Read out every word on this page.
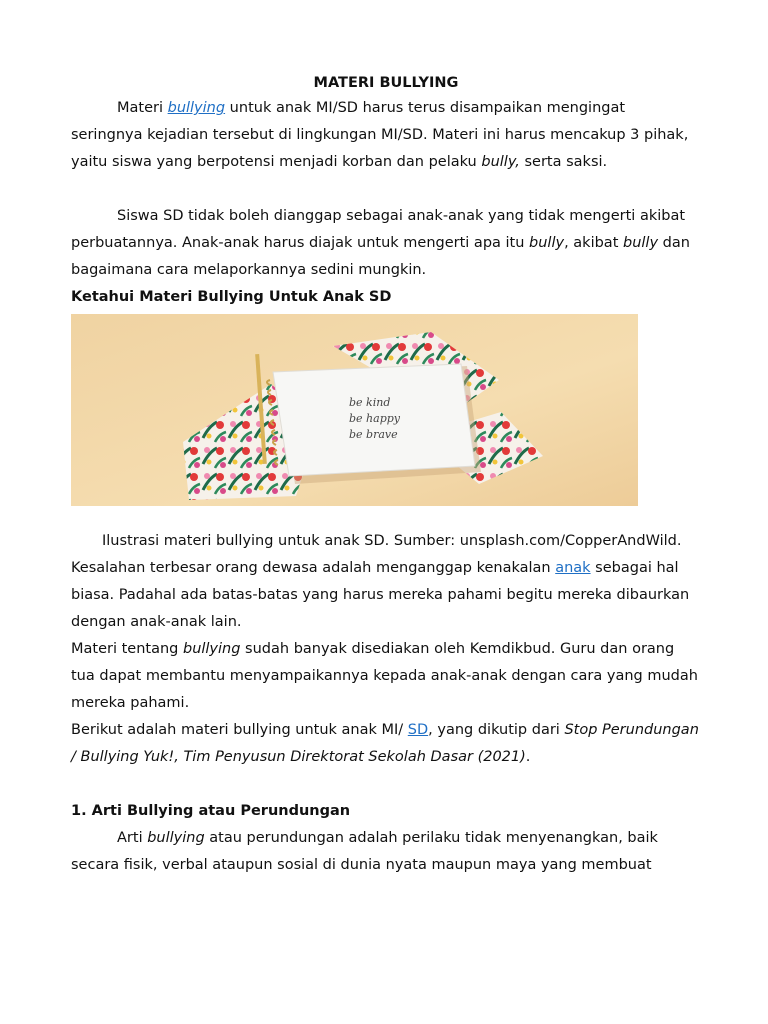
MATERI BULLYING

Materi bullying untuk anak MI/SD harus terus disampaikan mengingat seringnya kejadian tersebut di lingkungan MI/SD. Materi ini harus mencakup 3 pihak, yaitu siswa yang berpotensi menjadi korban dan pelaku bully, serta saksi.

Siswa SD tidak boleh dianggap sebagai anak-anak yang tidak mengerti akibat perbuatannya. Anak-anak harus diajak untuk mengerti apa itu bully, akibat bully dan bagaimana cara melaporkannya sedini mungkin.

Ketahui Materi Bullying Untuk Anak SD
be kind
be happy
be brave

Ilustrasi materi bullying untuk anak SD. Sumber: unsplash.com/CopperAndWild.

Kesalahan terbesar orang dewasa adalah menganggap kenakalan anak sebagai hal biasa. Padahal ada batas-batas yang harus mereka pahami begitu mereka dibaurkan dengan anak-anak lain.

Materi tentang bullying sudah banyak disediakan oleh Kemdikbud. Guru dan orang tua dapat membantu menyampaikannya kepada anak-anak dengan cara yang mudah mereka pahami.

Berikut adalah materi bullying untuk anak MI/ SD, yang dikutip dari Stop Perundungan / Bullying Yuk!, Tim Penyusun Direktorat Sekolah Dasar (2021).

1. Arti Bullying atau Perundungan

Arti bullying atau perundungan adalah perilaku tidak menyenangkan, baik secara fisik, verbal ataupun sosial di dunia nyata maupun maya yang membuat
